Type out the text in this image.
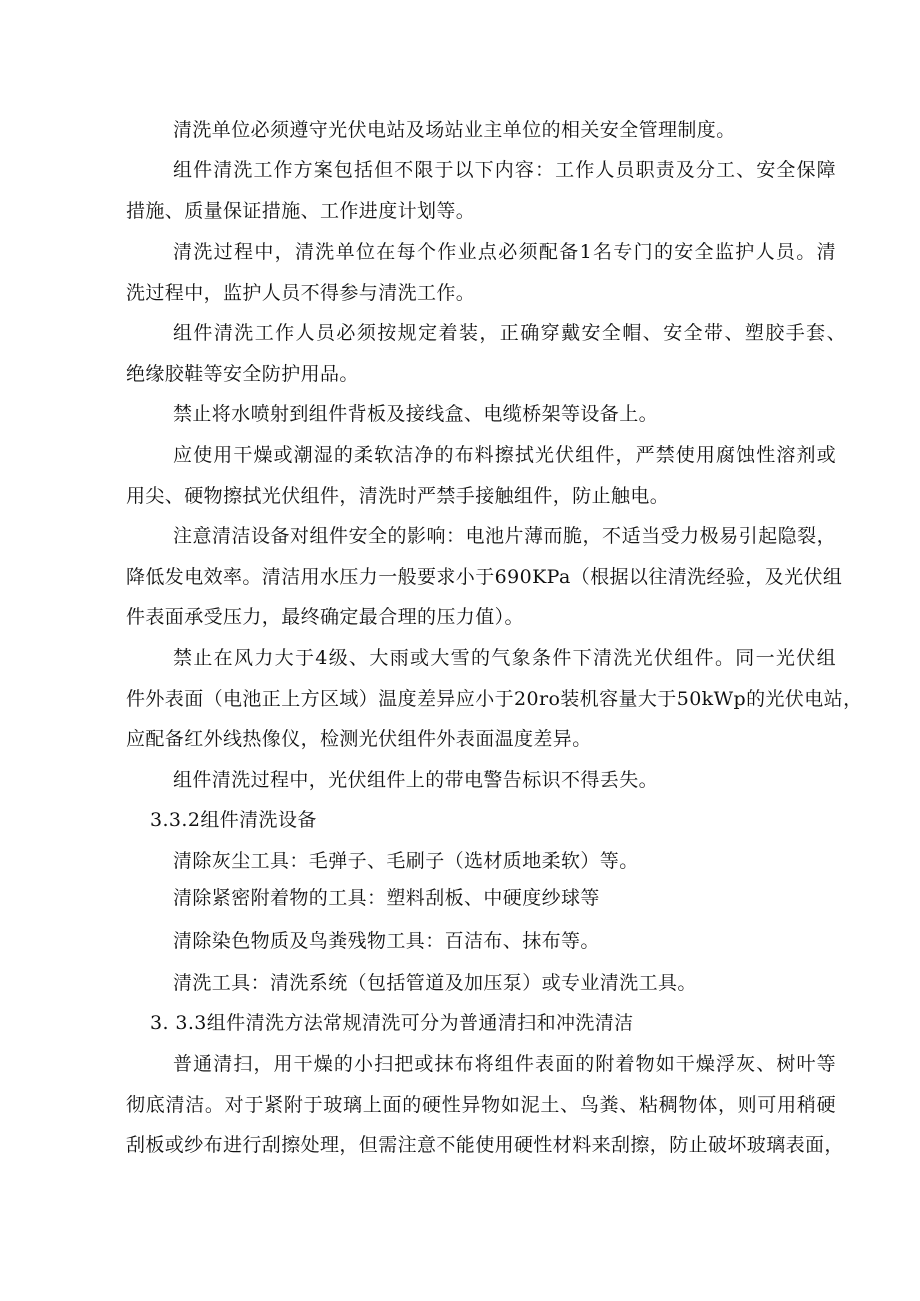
清洗单位必须遵守光伏电站及场站业主单位的相关安全管理制度。
组件清洗工作方案包括但不限于以下内容：工作人员职责及分工、安全保障
措施、质量保证措施、工作进度计划等。
清洗过程中，清洗单位在每个作业点必须配备1名专门的安全监护人员。清
洗过程中，监护人员不得参与清洗工作。
组件清洗工作人员必须按规定着装，正确穿戴安全帽、安全带、塑胶手套、
绝缘胶鞋等安全防护用品。
禁止将水喷射到组件背板及接线盒、电缆桥架等设备上。
应使用干燥或潮湿的柔软洁净的布料擦拭光伏组件，严禁使用腐蚀性溶剂或
用尖、硬物擦拭光伏组件，清洗时严禁手接触组件，防止触电。
注意清洁设备对组件安全的影响：电池片薄而脆，不适当受力极易引起隐裂，
降低发电效率。清洁用水压力一般要求小于690KPa（根据以往清洗经验，及光伏组
件表面承受压力，最终确定最合理的压力值）。
禁止在风力大于4级、大雨或大雪的气象条件下清洗光伏组件。同一光伏组
件外表面（电池正上方区域）温度差异应小于20ro装机容量大于50kWp的光伏电站，
应配备红外线热像仪，检测光伏组件外表面温度差异。
组件清洗过程中，光伏组件上的带电警告标识不得丢失。
3.3.2组件清洗设备
清除灰尘工具：毛弹子、毛刷子（选材质地柔软）等。
清除紧密附着物的工具：塑料刮板、中硬度纱球等
清除染色物质及鸟粪残物工具：百洁布、抹布等。
清洗工具：清洗系统（包括管道及加压泵）或专业清洗工具。
3. 3.3组件清洗方法常规清洗可分为普通清扫和冲洗清洁
普通清扫，用干燥的小扫把或抹布将组件表面的附着物如干燥浮灰、树叶等
彻底清洁。对于紧附于玻璃上面的硬性异物如泥土、鸟粪、粘稠物体，则可用稍硬
刮板或纱布进行刮擦处理，但需注意不能使用硬性材料来刮擦，防止破坏玻璃表面，
